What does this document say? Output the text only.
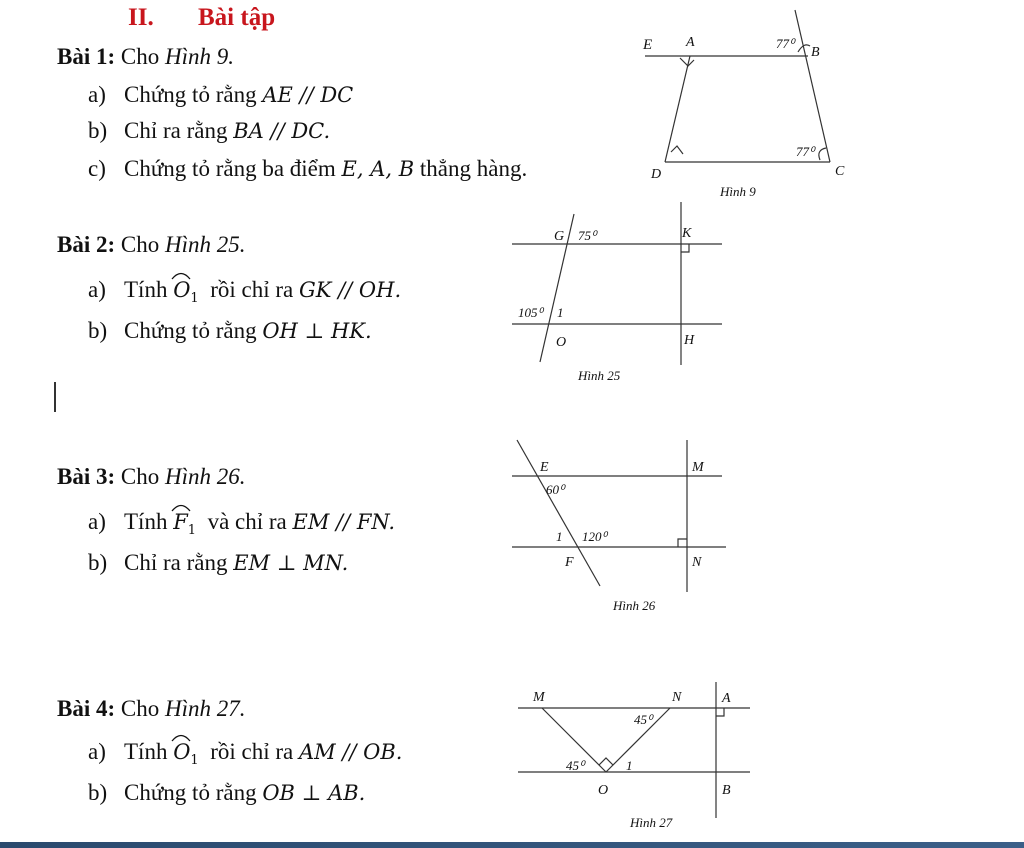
II. Bài tập
Bài 1: Cho Hình 9.
a) Chứng tỏ rằng AE // DC
b) Chỉ ra rằng BA // DC.
c) Chứng tỏ rằng ba điểm E, A, B thẳng hàng.
Bài 2: Cho Hình 25.
a) Tính $O_1$ rồi chỉ ra GK // OH.
b) Chứng tỏ rằng OH ⊥ HK.
Bài 3: Cho Hình 26.
a) Tính $F_1$ và chỉ ra EM // FN.
b) Chỉ ra rằng EM ⊥ MN.
Bài 4: Cho Hình 27.
a) Tính $O_1$ rồi chỉ ra AM // OB.
b) Chứng tỏ rằng OB ⊥ AB.
E A
B
D	C
77⁰
77⁰
Hình 9
G	K
O	H
75⁰
105⁰ 1
Hình 25
E	M
F	N
60⁰
1 120⁰
Hình 26
M	N	A
O	B
45⁰
45⁰	1
Hình 27
